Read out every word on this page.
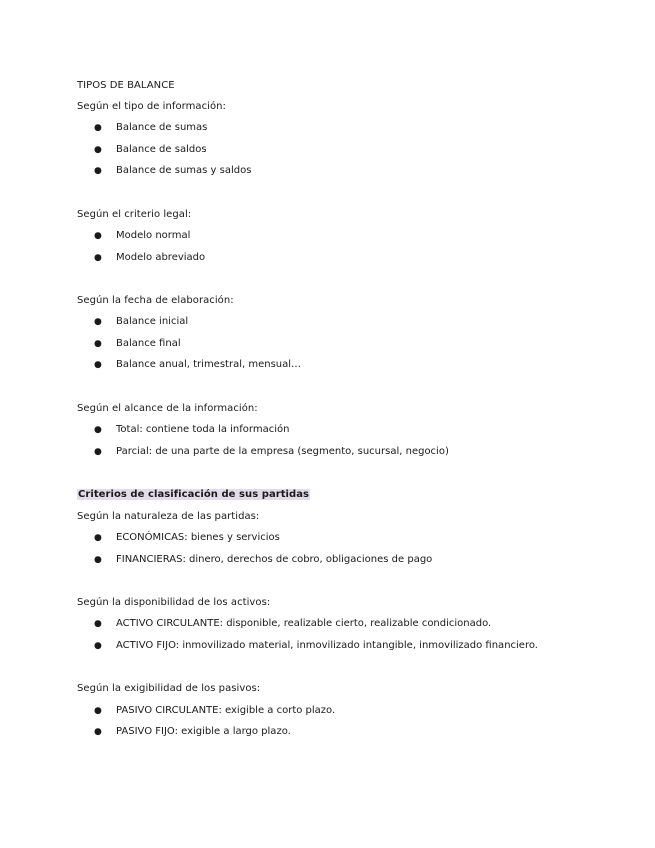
TIPOS DE BALANCE
Según el tipo de información:
● Balance de sumas
● Balance de saldos
● Balance de sumas y saldos
Según el criterio legal:
● Modelo normal
● Modelo abreviado
Según la fecha de elaboración:
● Balance inicial
● Balance final
● Balance anual, trimestral, mensual…
Según el alcance de la información:
● Total: contiene toda la información
● Parcial: de una parte de la empresa (segmento, sucursal, negocio)
Criterios de clasificación de sus partidas
Según la naturaleza de las partidas:
● ECONÓMICAS: bienes y servicios
● FINANCIERAS: dinero, derechos de cobro, obligaciones de pago
Según la disponibilidad de los activos:
● ACTIVO CIRCULANTE: disponible, realizable cierto, realizable condicionado.
● ACTIVO FIJO: inmovilizado material, inmovilizado intangible, inmovilizado financiero.
Según la exigibilidad de los pasivos:
● PASIVO CIRCULANTE: exigible a corto plazo.
● PASIVO FIJO: exigible a largo plazo.
